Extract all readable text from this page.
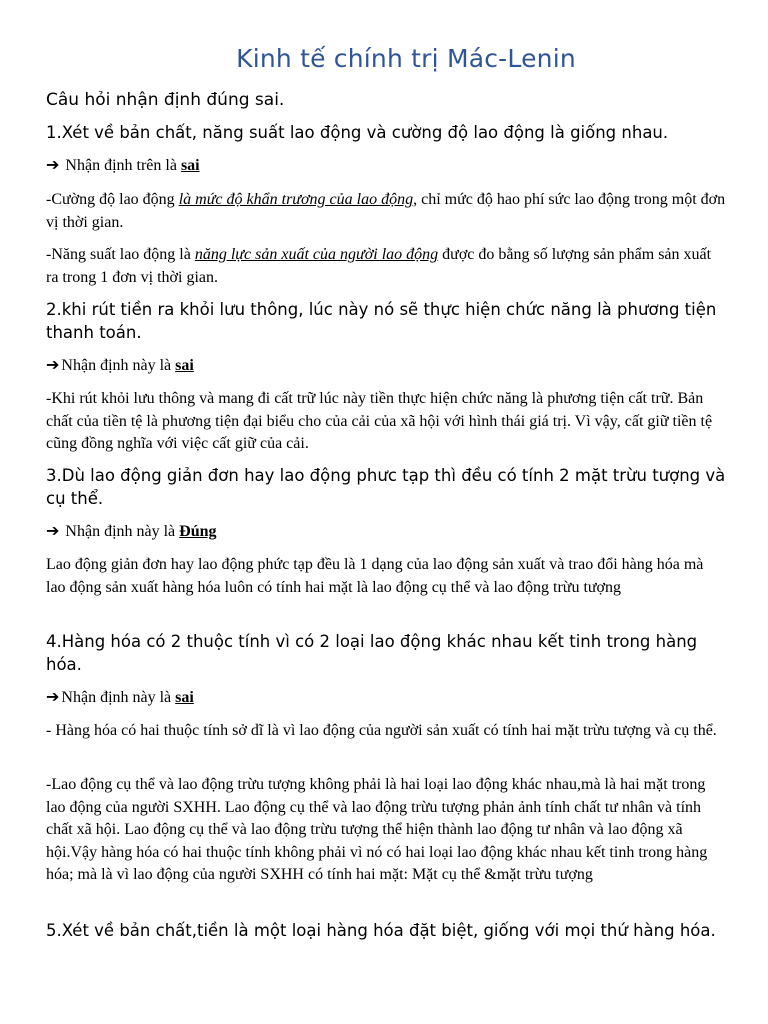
Kinh tế chính trị Mác-Lenin

Câu hỏi nhận định đúng sai.

1.Xét về bản chất, năng suất lao động và cường độ lao động là giống nhau.

➔ Nhận định trên là sai

-Cường độ lao động là mức độ khẩn trương của lao động, chỉ mức độ hao phí sức lao động trong một đơn vị thời gian.

-Năng suất lao động là năng lực sản xuất của người lao động được đo bằng số lượng sản phẩm sản xuất ra trong 1 đơn vị thời gian.

2.khi rút tiền ra khỏi lưu thông, lúc này nó sẽ thực hiện chức năng là phương tiện thanh toán.

➔ Nhận định này là sai

-Khi rút khỏi lưu thông và mang đi cất trữ lúc này tiền thực hiện chức năng là phương tiện cất trữ. Bản chất của tiền tệ là phương tiện đại biểu cho của cải của xã hội với hình thái giá trị. Vì vậy, cất giữ tiền tệ cũng đồng nghĩa với việc cất giữ của cải.

3.Dù lao động giản đơn hay lao động phưc tạp thì đều có tính 2 mặt trừu tượng và cụ thể.

➔ Nhận định này là Đúng

Lao động giản đơn hay lao động phức tạp đều là 1 dạng của lao động sản xuất và trao đổi hàng hóa mà lao động sản xuất hàng hóa luôn có tính hai mặt là lao động cụ thể và lao động trừu tượng

4.Hàng hóa có 2 thuộc tính vì có 2 loại lao động khác nhau kết tinh trong hàng hóa.

➔ Nhận định này là sai

- Hàng hóa có hai thuộc tính sở dĩ là vì lao động của người sản xuất có tính hai mặt trừu tượng và cụ thể.

-Lao động cụ thể và lao động trừu tượng không phải là hai loại lao động khác nhau,mà là hai mặt trong lao động của người SXHH. Lao động cụ thể và lao động trừu tượng phản ảnh tính chất tư nhân và tính chất xã hội. Lao động cụ thể và lao động trừu tượng thể hiện thành lao động tư nhân và lao động xã hội.Vậy hàng hóa có hai thuộc tính không phải vì nó có hai loại lao động khác nhau kết tinh trong hàng hóa; mà là vì lao động của người SXHH có tính hai mặt: Mặt cụ thể &mặt trừu tượng

5.Xét về bản chất,tiền là một loại hàng hóa đặt biệt, giống với mọi thứ hàng hóa.
